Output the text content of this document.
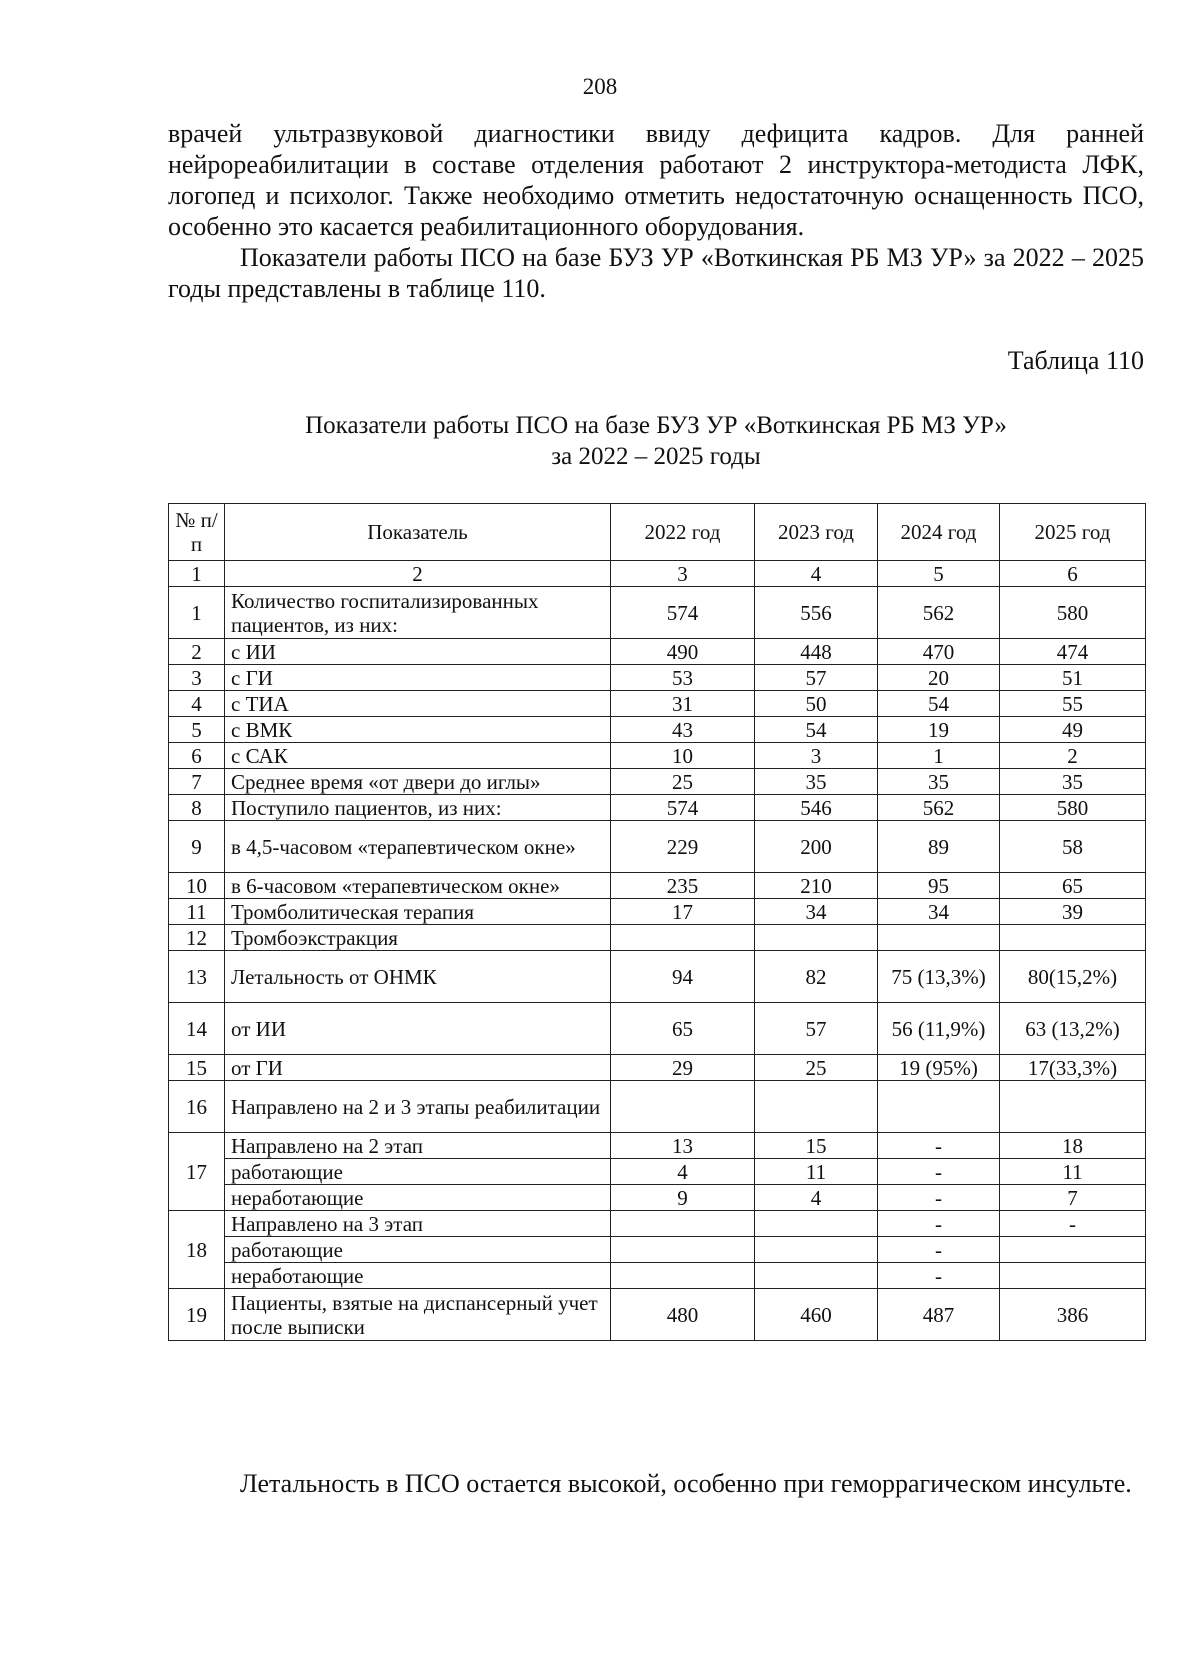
208

врачей ультразвуковой диагностики ввиду дефицита кадров. Для ранней нейрореабилитации в составе отделения работают 2 инструктора-методиста ЛФК, логопед и психолог. Также необходимо отметить недостаточную оснащенность ПСО, особенно это касается реабилитационного оборудования.

Показатели работы ПСО на базе БУЗ УР «Воткинская РБ МЗ УР» за 2022 – 2025 годы представлены в таблице 110.

Таблица 110
Показатели работы ПСО на базе БУЗ УР «Воткинская РБ МЗ УР»
за 2022 – 2025 годы
№ п/п	Показатель	2022 год	2023 год	2024 год	2025 год
1	2	3	4	5	6
1	Количество госпитализированных пациентов, из них:	574	556	562	580
2	с ИИ	490	448	470	474
3	с ГИ	53	57	20	51
4	с ТИА	31	50	54	55
5	с ВМК	43	54	19	49
6	с САК	10	3	1	2
7	Среднее время «от двери до иглы»	25	35	35	35
8	Поступило пациентов, из них:	574	546	562	580
9	в 4,5-часовом «терапевтическом окне»	229	200	89	58
10	в 6-часовом «терапевтическом окне»	235	210	95	65
11	Тромболитическая терапия	17	34	34	39
12	Тромбоэкстракция				
13	Летальность от ОНМК	94	82	75 (13,3%)	80(15,2%)
14	от ИИ	65	57	56 (11,9%)	63 (13,2%)
15	от ГИ	29	25	19 (95%)	17(33,3%)
16	Направлено на 2 и 3 этапы реабилитации				
17	Направлено на 2 этап	13	15	-	18
	работающие	4	11	-	11
	неработающие	9	4	-	7
18	Направлено на 3 этап			-	-
	работающие			-	
	неработающие			-	
19	Пациенты, взятые на диспансерный учет после выписки	480	460	487	386

Летальность в ПСО остается высокой, особенно при геморрагическом инсульте.
